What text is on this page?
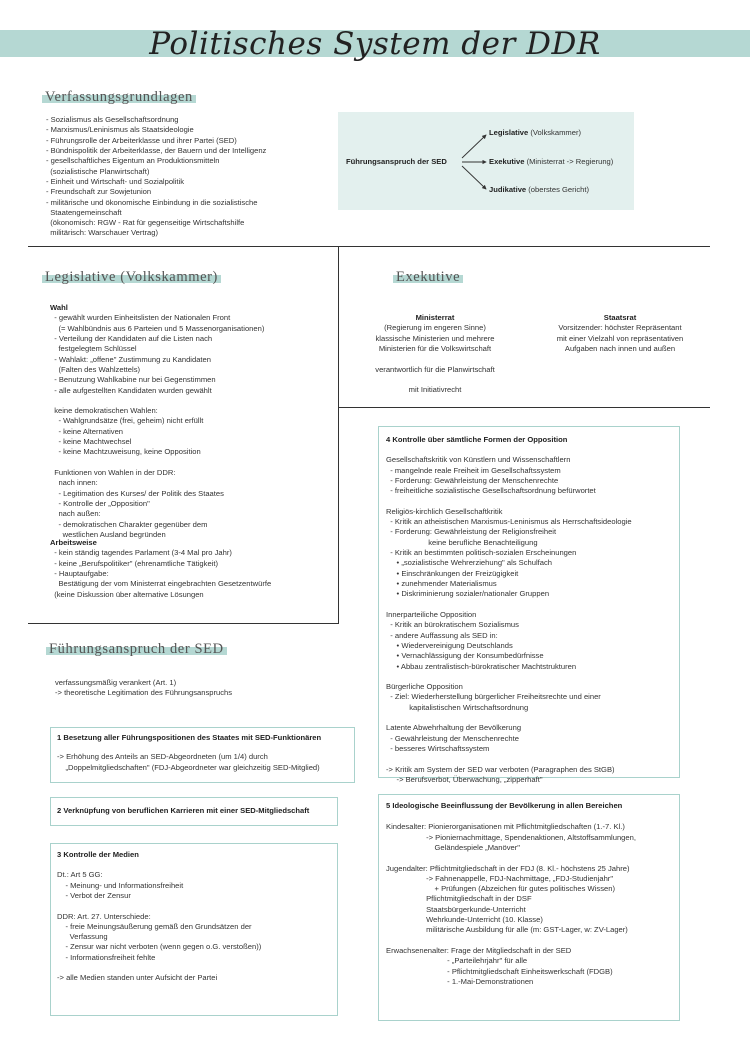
Politisches System der DDR
Verfassungsgrundlagen
- Sozialismus als Gesellschaftsordnung
- Marxismus/Leninismus als Staatsideologie
- Führungsrolle der Arbeiterklasse und ihrer Partei (SED)
- Bündnispolitik der Arbeiterklasse, der Bauern und der Intelligenz
- gesellschaftliches Eigentum an Produktionsmitteln
(sozialistische Planwirtschaft)
- Einheit und Wirtschaft- und Sozialpolitik
- Freundschaft zur Sowjetunion
- militärische und ökonomische Einbindung in die sozialistische
Staatengemeinschaft
(ökonomisch: RGW - Rat für gegenseitige Wirtschaftshilfe
militärisch: Warschauer Vertrag)
Führungsanspruch der SED
Legislative (Volkskammer)
Exekutive (Ministerrat -> Regierung)
Judikative (oberstes Gericht)
Legislative (Volkskammer)
Wahl
- gewählt wurden Einheitslisten der Nationalen Front
(= Wahlbündnis aus 6 Parteien und 5 Massenorganisationen)
- Verteilung der Kandidaten auf die Listen nach
festgelegtem Schlüssel
- Wahlakt: „offene" Zustimmung zu Kandidaten
(Falten des Wahlzettels)
- Benutzung Wahlkabine nur bei Gegenstimmen
- alle aufgestellten Kandidaten wurden gewählt

keine demokratischen Wahlen:
- Wahlgrundsätze (frei, geheim) nicht erfüllt
- keine Alternativen
- keine Machtwechsel
- keine Machtzuweisung, keine Opposition

Funktionen von Wahlen in der DDR:
nach innen:
- Legitimation des Kurses/ der Politik des Staates
- Kontrolle der „Opposition"
nach außen:
- demokratischen Charakter gegenüber dem
westlichen Ausland begründen
Arbeitsweise
- kein ständig tagendes Parlament (3-4 Mal pro Jahr)
- keine „Berufspolitiker" (ehrenamtliche Tätigkeit)
- Hauptaufgabe:
Bestätigung der vom Ministerrat eingebrachten Gesetzentwürfe
(keine Diskussion über alternative Lösungen
Exekutive
Ministerrat
(Regierung im engeren Sinne)
klassische Ministerien und mehrere
Ministerien für die Volkswirtschaft

verantwortlich für die Planwirtschaft

mit Initiativrecht
Staatsrat
Vorsitzender: höchster Repräsentant
mit einer Vielzahl von repräsentativen
Aufgaben nach innen und außen
Führungsanspruch der SED
verfassungsmäßig verankert (Art. 1)
-> theoretische Legitimation des Führungsanspruchs
1 Besetzung aller Führungspositionen des Staates mit SED-Funktionären
-> Erhöhung des Anteils an SED-Abgeordneten (um 1/4) durch
„Doppelmitgliedschaften" (FDJ-Abgeordneter war gleichzeitig SED-Mitglied)
2 Verknüpfung von beruflichen Karrieren mit einer SED-Mitgliedschaft
3 Kontrolle der Medien
Dt.: Art 5 GG:
- Meinung- und Informationsfreiheit
- Verbot der Zensur

DDR: Art. 27. Unterschiede:
- freie Meinungsäußerung gemäß den Grundsätzen der
Verfassung
- Zensur war nicht verboten (wenn gegen o.G. verstoßen))
- Informationsfreiheit fehlte

-> alle Medien standen unter Aufsicht der Partei
4 Kontrolle über sämtliche Formen der Opposition
Gesellschaftskritik von Künstlern und Wissenschaftlern
- mangelnde reale Freiheit im Gesellschaftssystem
- Forderung: Gewährleistung der Menschenrechte
- freiheitliche sozialistische Gesellschaftsordnung befürwortet

Religiös-kirchlich Gesellschaftkritik
- Kritik an atheistischen Marxismus-Leninismus als Herrschaftsideologie
- Forderung: Gewährleistung der Religionsfreiheit
keine berufliche Benachteiligung
- Kritik an bestimmten politisch-sozialen Erscheinungen
• „sozialistische Wehrerziehung" als Schulfach
• Einschränkungen der Freizügigkeit
• zunehmender Materialismus
• Diskriminierung sozialer/nationaler Gruppen

Innerparteiliche Opposition
- Kritik an bürokratischem Sozialismus
- andere Auffassung als SED in:
• Wiedervereinigung Deutschlands
• Vernachlässigung der Konsumbedürfnisse
• Abbau zentralistisch-bürokratischer Machtstrukturen

Bürgerliche Opposition
- Ziel: Wiederherstellung bürgerlicher Freiheitsrechte und einer
kapitalistischen Wirtschaftsordnung

Latente Abwehrhaltung der Bevölkerung
- Gewährleistung der Menschenrechte
- besseres Wirtschaftssystem

-> Kritik am System der SED war verboten (Paragraphen des StGB)
-> Berufsverbot, Überwachung, „zipperhaft"
5 Ideologische Beeinflussung der Bevölkerung in allen Bereichen
Kindesalter: Pionierorganisationen mit Pflichtmitgliedschaften (1.-7. Kl.)
-> Pioniernachmittage, Spendenaktionen, Altstoffsammlungen,
Geländespiele „Manöver"

Jugendalter: Pflichtmitgliedschaft in der FDJ (8. Kl.- höchstens 25 Jahre)
-> Fahnenappelle, FDJ-Nachmittage, „FDJ-Studienjahr"
+ Prüfungen (Abzeichen für gutes politisches Wissen)
Pflichtmitgliedschaft in der DSF
Staatsbürgerkunde-Unterricht
Wehrkunde-Unterricht (10. Klasse)
militärische Ausbildung für alle (m: GST-Lager, w: ZV-Lager)

Erwachsenenalter: Frage der Mitgliedschaft in der SED
- „Parteilehrjahr" für alle
- Pflichtmitgliedschaft Einheitswerkschaft (FDGB)
- 1.-Mai-Demonstrationen
